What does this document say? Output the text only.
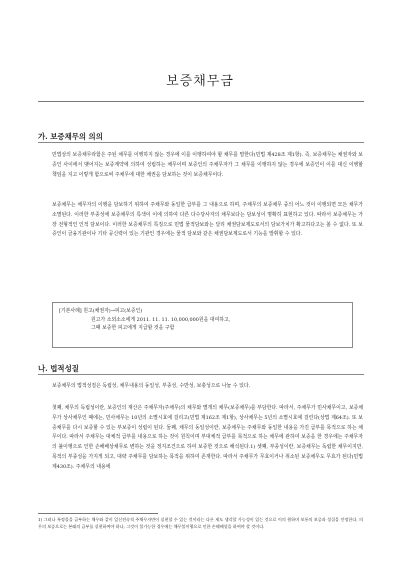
보증채무금
가. 보증채무의 의의

민법상의 보증채무라함은 주된 채무를 이행하지 않는 경우에 이를 이행하여야 할 채무를 말한다(민법 제428조 제1항). 즉, 보증채무는 채권자와 보증인 사이에서 맺어지는 보증계약에 의하여 성립하는 채무이며 보증인의 주채무자가 그 채무를 이행하지 않는 경우에 보증인이 이를 대신 이행할 책임을 지고 이렇게 함으로써 주채무에 대한 채권을 담보하는 것이 보증채무이다.

보증채무는 채무자의 이행을 담보하기 위하여 주채무와 동일한 급부를 그 내용으로 하며, 주채무의 보증채무 중의 어느 것이 이행되면 모든 채무가 소멸된다. 이러한 부종성에 보증채무의 특색이 이에 의하여 다른 다수당사자의 채무보다는 담보성이 명확히 표현하고 있다. 따라서 보증채무는 가장 전형적인 인적 담보이다. 이러한 보증채무의 특징으로 민법 물적담보와는 달리 채권담보제도로서의 담보가치가 확고하다고는 볼 수 없다. 또 보증인이 금융기관이나 기타 공신력이 있는 기관인 경우에는 물적 담보와 같은 채권담보제도로서 기능을 발휘할 수 있다.

[기본사례] 원고(채권자)→피고(보증인)
원고가 소외소소에게 2011. 11. 11. 10,000,000원을 대여하고,
그때 보증한 피고에게 지급할 것을 구함
나. 법적성질

보증채무의 법적성질은 독립성, 채무내용의 동일성, 부종성, 수반성, 보충성으로 나눌 수 있다.

첫째, 채무의 독립성이란, 보증인의 재산은 주채무자(주채무)의 채무와 별개의 채무(보증채무)를 부담한다. 따라서, 주채무가 민사채무이고, 보증채무가 상사채무인 때에는, 민사채무는 10년의 소멸시효에 걸리고(민법 제162조 제1항), 상사채무는 5년의 소멸시효에 걸린다(상법 제64조). 또 보증채무를 다시 보증할 수 있는 부보증이 성립이 된다. 둘째, 채무의 동일성이란, 보증채무는 주채무와 동일한 내용을 가진 급부를 목적으로 하는 채무이다. 따라서 주채무는 대체적 급부를 내용으로 하는 것이 원칙이며 부대체적 급부를 목적으로 하는 채무에 관하여 보증을 한 경우에는 주채무자의 불이행으로 인한 손해배상채무로 변하는 것을 정지조건으로 하여 보증한 것으로 해석된다.1) 셋째, 부종성이란, 보증채무는 독립한 채무이지만, 목적의 부종성을 가지게 되고, 대략 주채무를 담보하는 목적을 위하여 존재한다. 따라서 주채무가 무효이거나 취소된 보증채무도 무효가 된다(민법 제430조). 주채무의 내용에

1) 그러나 특정물을 급부하는 채무와 같이 일신전속적 주채무자만이 실현할 수 있는 것이라는 다른 제도 생각할 가능성이 있는 것으로 이의 원하며 보통의 보증과 성질을 인정한다, 의무의 보증으로는 본래의 급부를 실현하여야 하나, 그것이 불가능한 경우에는 채무불이행으로 인한 손해배상을 하여야 할 것이다.
